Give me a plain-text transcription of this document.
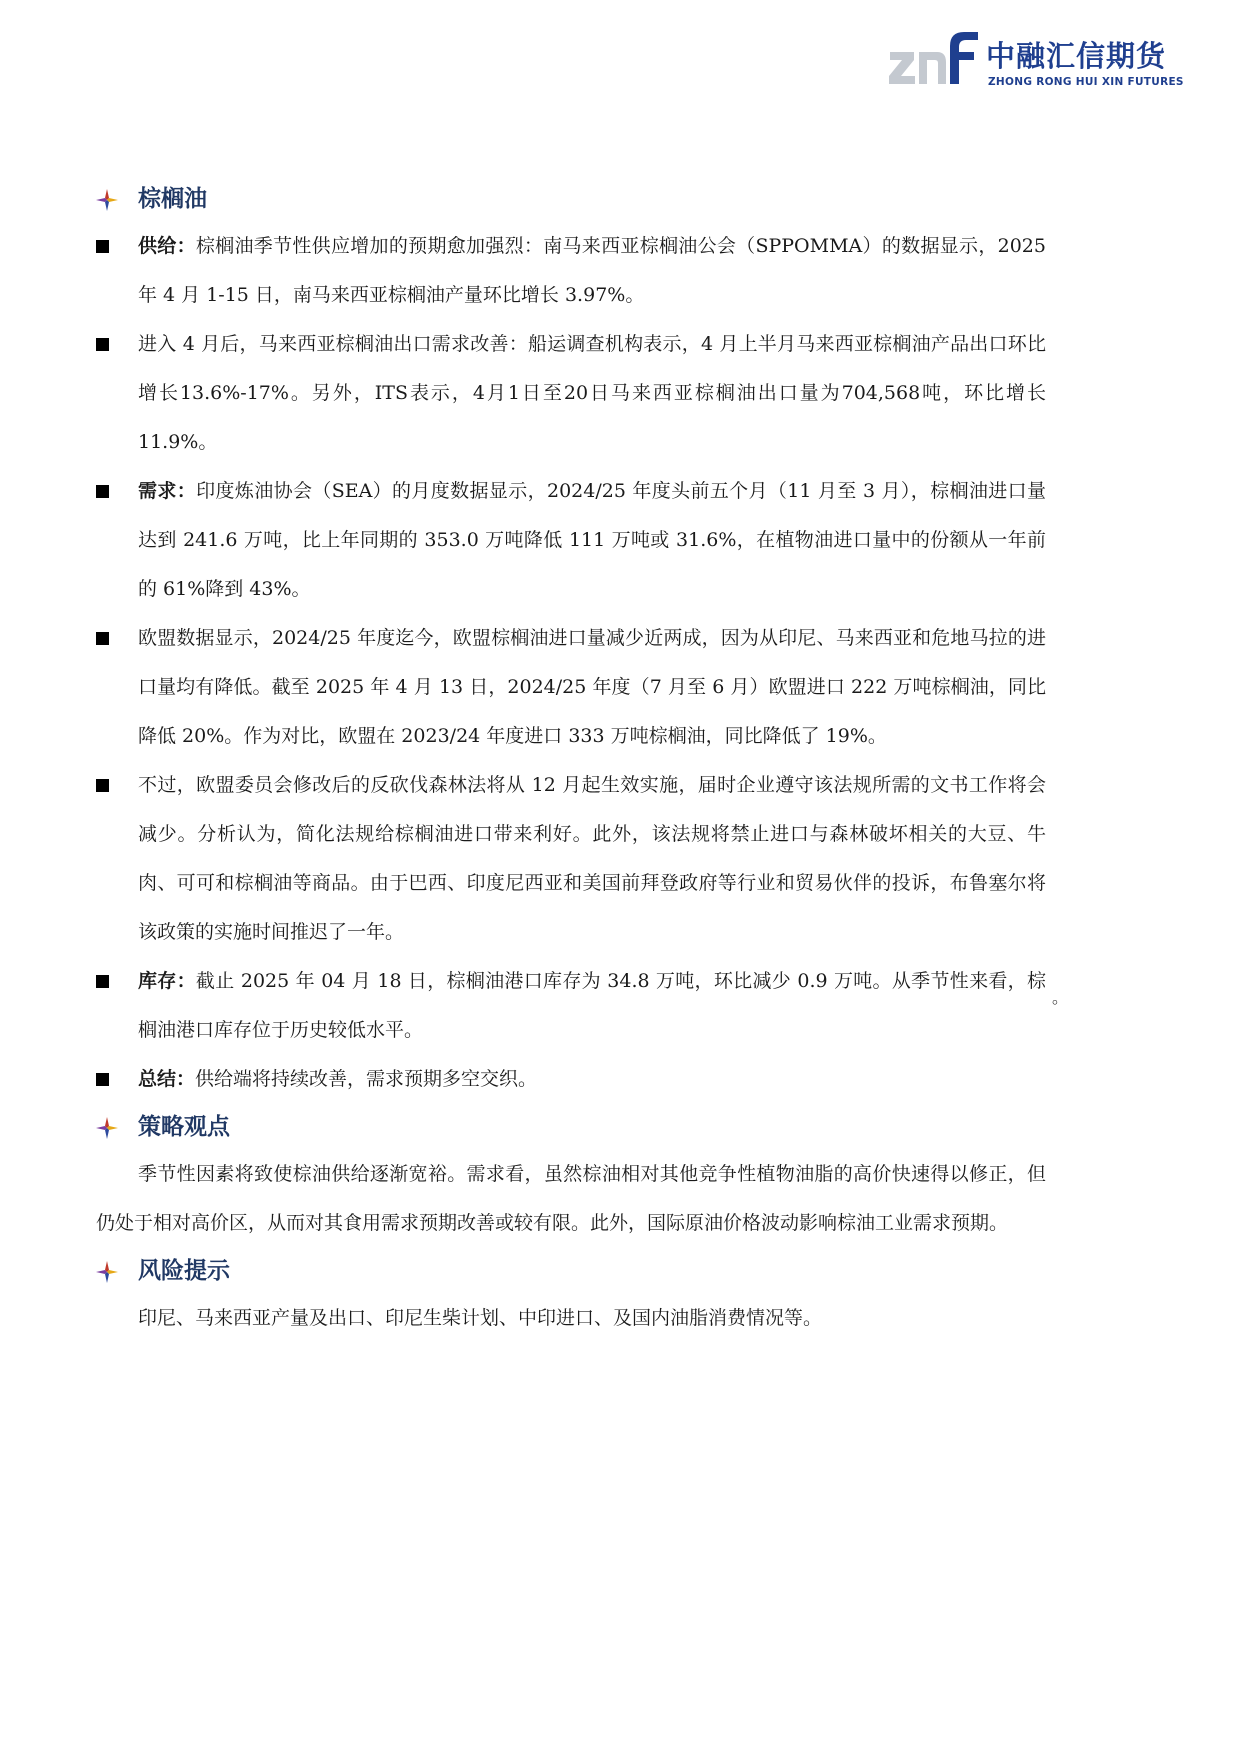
中融汇信期货
ZHONG RONG HUI XIN FUTURES
棕榈油
供给：棕榈油季节性供应增加的预期愈加强烈：南马来西亚棕榈油公会（SPPOMMA）的数据显示，2025 年 4 月 1-15 日，南马来西亚棕榈油产量环比增长 3.97%。
进入 4 月后，马来西亚棕榈油出口需求改善：船运调查机构表示，4 月上半月马来西亚棕榈油产品出口环比增长13.6%-17%。另外，ITS表示，4月1日至20日马来西亚棕榈油出口量为704,568吨，环比增长 11.9%。
需求：印度炼油协会（SEA）的月度数据显示，2024/25 年度头前五个月（11 月至 3 月），棕榈油进口量达到 241.6 万吨，比上年同期的 353.0 万吨降低 111 万吨或 31.6%，在植物油进口量中的份额从一年前的 61%降到 43%。
欧盟数据显示，2024/25 年度迄今，欧盟棕榈油进口量减少近两成，因为从印尼、马来西亚和危地马拉的进口量均有降低。截至 2025 年 4 月 13 日，2024/25 年度（7 月至 6 月）欧盟进口 222 万吨棕榈油，同比降低 20%。作为对比，欧盟在 2023/24 年度进口 333 万吨棕榈油，同比降低了 19%。
不过，欧盟委员会修改后的反砍伐森林法将从 12 月起生效实施，届时企业遵守该法规所需的文书工作将会减少。分析认为，简化法规给棕榈油进口带来利好。此外，该法规将禁止进口与森林破坏相关的大豆、牛肉、可可和棕榈油等商品。由于巴西、印度尼西亚和美国前拜登政府等行业和贸易伙伴的投诉，布鲁塞尔将该政策的实施时间推迟了一年。
库存：截止 2025 年 04 月 18 日，棕榈油港口库存为 34.8 万吨，环比减少 0.9 万吨。从季节性来看，棕榈油港口库存位于历史较低水平。
总结：供给端将持续改善，需求预期多空交织。
策略观点
季节性因素将致使棕油供给逐渐宽裕。需求看，虽然棕油相对其他竞争性植物油脂的高价快速得以修正，但仍处于相对高价区，从而对其食用需求预期改善或较有限。此外，国际原油价格波动影响棕油工业需求预期。
风险提示
印尼、马来西亚产量及出口、印尼生柴计划、中印进口、及国内油脂消费情况等。
。
